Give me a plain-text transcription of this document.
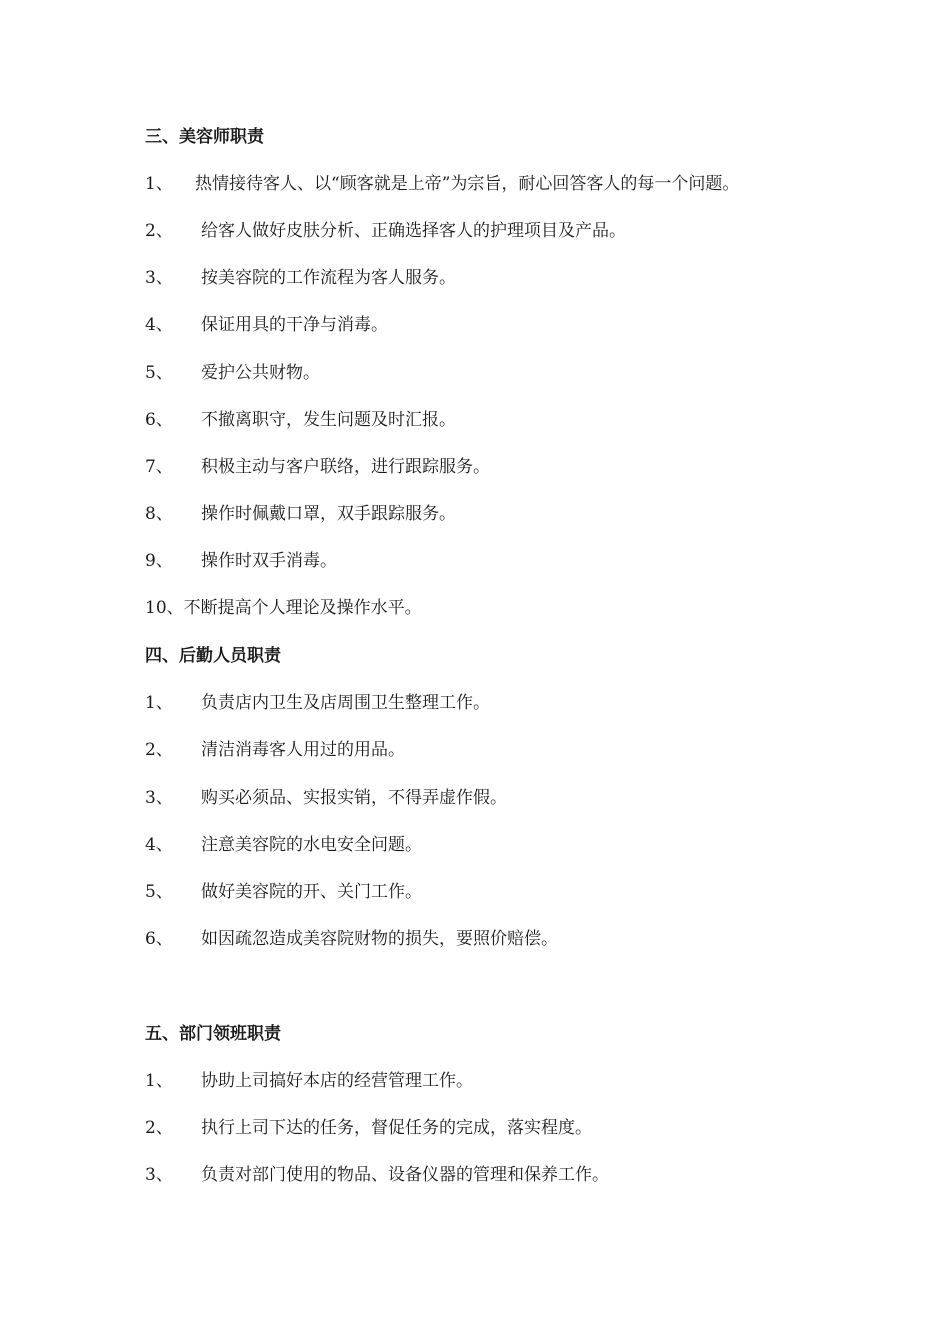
三、美容师职责
1、 热情接待客人、以“顾客就是上帝”为宗旨，耐心回答客人的每一个问题。
2、 给客人做好皮肤分析、正确选择客人的护理项目及产品。
3、 按美容院的工作流程为客人服务。
4、 保证用具的干净与消毒。
5、 爱护公共财物。
6、 不撤离职守，发生问题及时汇报。
7、 积极主动与客户联络，进行跟踪服务。
8、 操作时佩戴口罩，双手跟踪服务。
9、 操作时双手消毒。
10、不断提高个人理论及操作水平。
四、后勤人员职责
1、 负责店内卫生及店周围卫生整理工作。
2、 清洁消毒客人用过的用品。
3、 购买必须品、实报实销，不得弄虚作假。
4、 注意美容院的水电安全问题。
5、 做好美容院的开、关门工作。
6、 如因疏忽造成美容院财物的损失，要照价赔偿。
五、部门领班职责
1、 协助上司搞好本店的经营管理工作。
2、 执行上司下达的任务，督促任务的完成，落实程度。
3、 负责对部门使用的物品、设备仪器的管理和保养工作。
